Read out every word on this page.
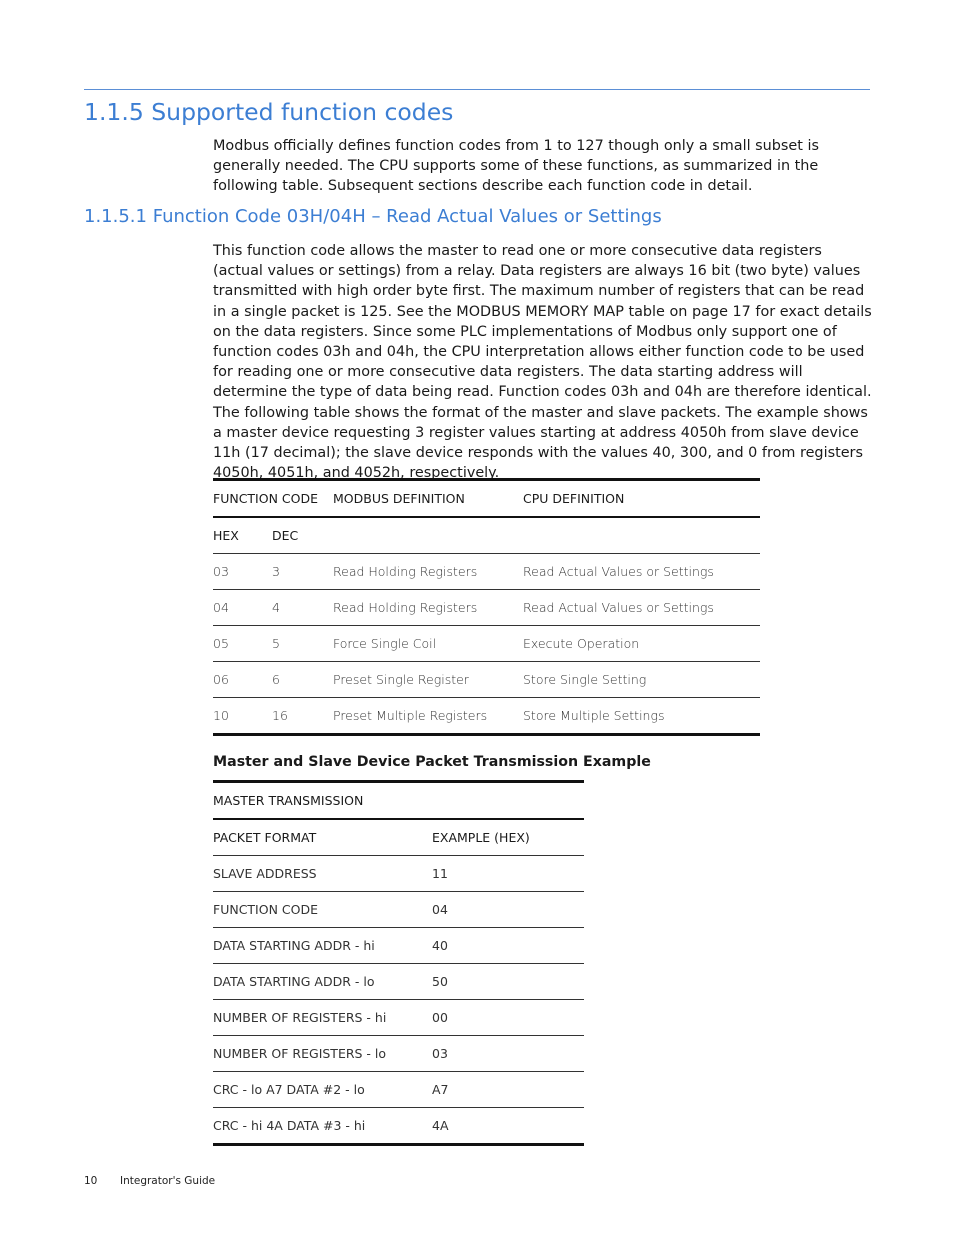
1.1.5 Supported function codes

Modbus officially defines function codes from 1 to 127 though only a small subset is generally needed. The CPU supports some of these functions, as summarized in the following table. Subsequent sections describe each function code in detail.

1.1.5.1 Function Code 03H/04H – Read Actual Values or Settings

This function code allows the master to read one or more consecutive data registers (actual values or settings) from a relay. Data registers are always 16 bit (two byte) values transmitted with high order byte first. The maximum number of registers that can be read in a single packet is 125. See the MODBUS MEMORY MAP table on page 17 for exact details on the data registers. Since some PLC implementations of Modbus only support one of function codes 03h and 04h, the CPU interpretation allows either function code to be used for reading one or more consecutive data registers. The data starting address will determine the type of data being read. Function codes 03h and 04h are therefore identical. The following table shows the format of the master and slave packets. The example shows a master device requesting 3 register values starting at address 4050h from slave device 11h (17 decimal); the slave device responds with the values 40, 300, and 0 from registers 4050h, 4051h, and 4052h, respectively.

FUNCTION CODE		MODBUS DEFINITION	CPU DEFINITION
HEX	DEC		
03	3	Read Holding Registers	Read Actual Values or Settings
04	4	Read Holding Registers	Read Actual Values or Settings
05	5	Force Single Coil	Execute Operation
06	6	Preset Single Register	Store Single Setting
10	16	Preset Multiple Registers	Store Multiple Settings

Master and Slave Device Packet Transmission Example

MASTER TRANSMISSION	
PACKET FORMAT	EXAMPLE (HEX)
SLAVE ADDRESS	11
FUNCTION CODE	04
DATA STARTING ADDR - hi	40
DATA STARTING ADDR - lo	50
NUMBER OF REGISTERS - hi	00
NUMBER OF REGISTERS - lo	03
CRC - lo A7 DATA #2 - lo	A7
CRC - hi 4A DATA #3 - hi	4A
10 Integrator's Guide
